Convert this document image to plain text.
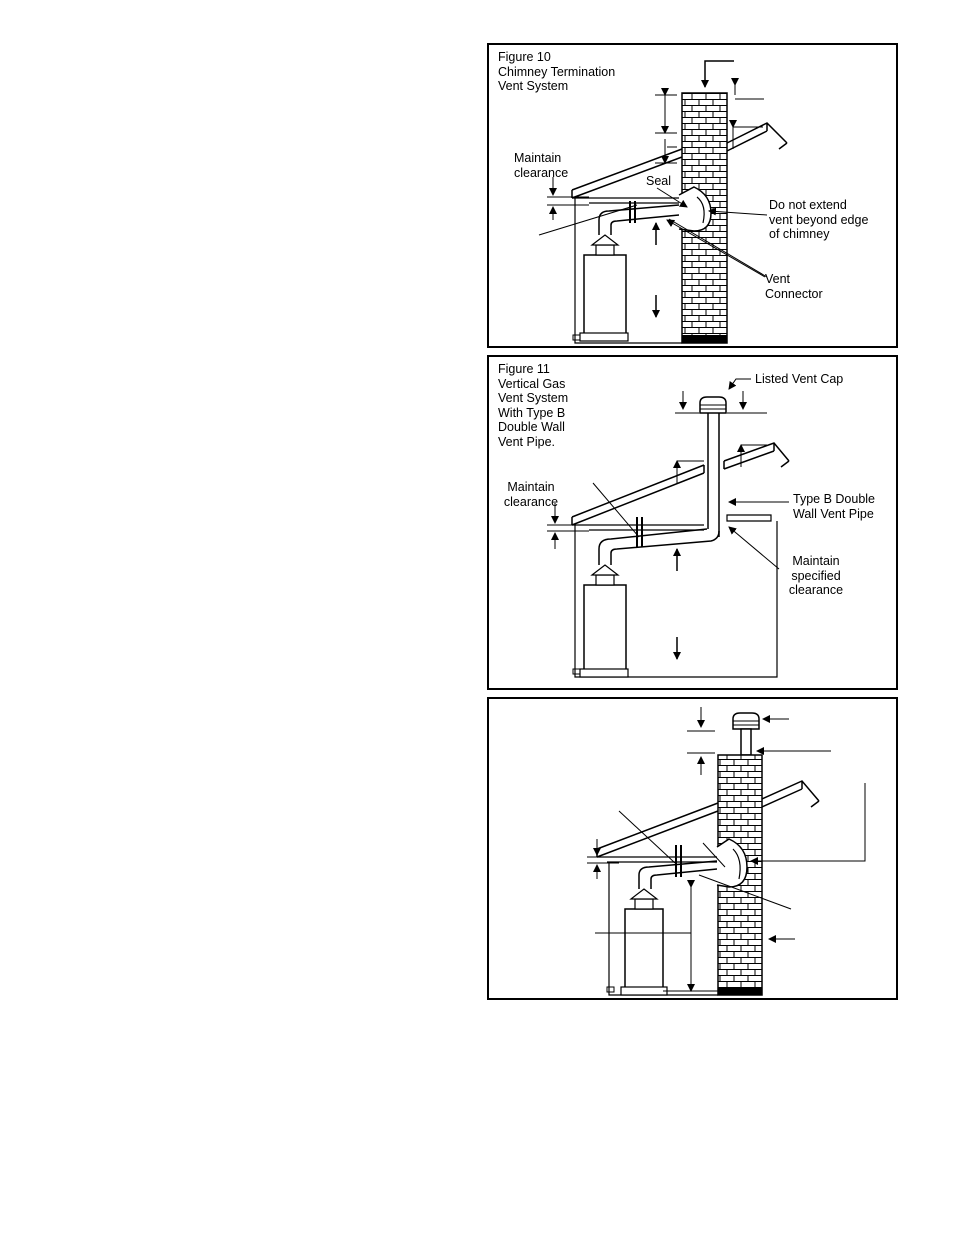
Figure 10
Chimney Termination
Vent System
Maintain
clearance
Seal
Do not extend
vent beyond edge
of chimney
Vent
Connector
Figure 11
Vertical Gas
Vent System
With Type B
Double Wall
Vent Pipe.
Listed Vent Cap
Maintain
clearance	Type B Double
Wall Vent Pipe
Maintain
specified
clearance
